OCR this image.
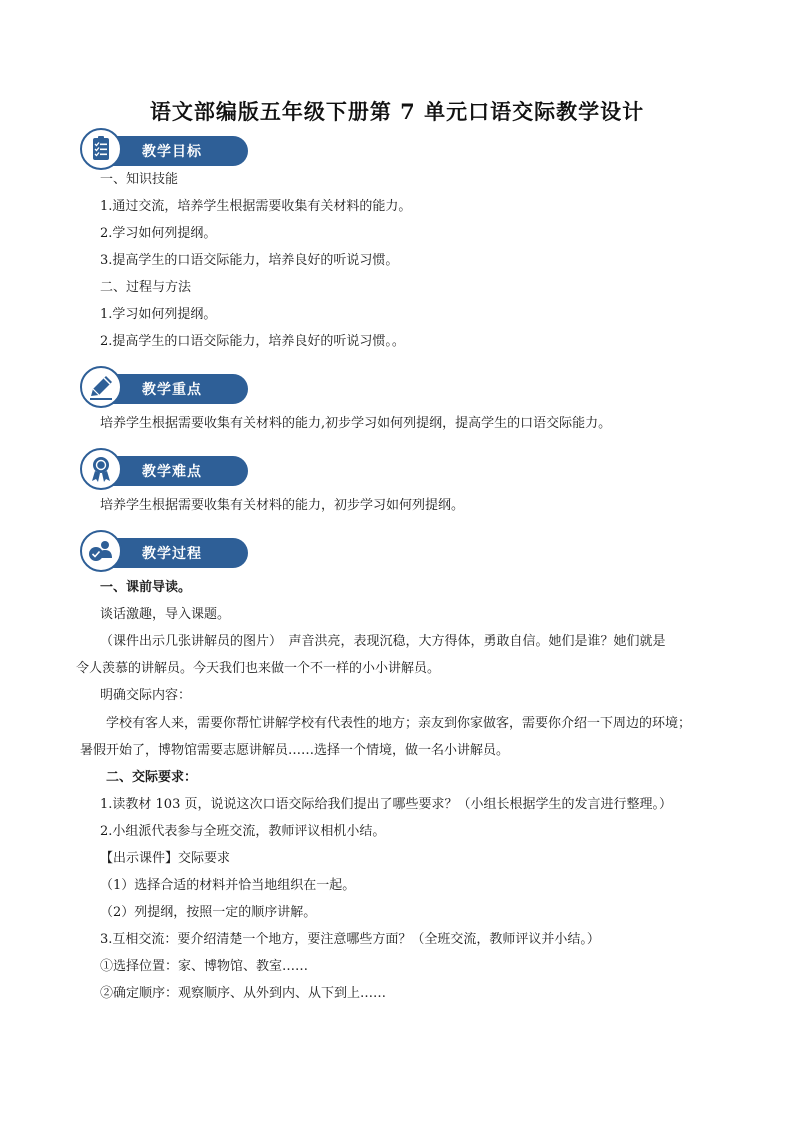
语文部编版五年级下册第 7 单元口语交际教学设计
教学目标
一、知识技能
1.通过交流，培养学生根据需要收集有关材料的能力。
2.学习如何列提纲。
3.提高学生的口语交际能力，培养良好的听说习惯。
二、过程与方法
1.学习如何列提纲。
2.提高学生的口语交际能力，培养良好的听说习惯。。
教学重点
培养学生根据需要收集有关材料的能力,初步学习如何列提纲，提高学生的口语交际能力。
教学难点
培养学生根据需要收集有关材料的能力，初步学习如何列提纲。
教学过程
一、课前导读。
谈话激趣，导入课题。
（课件出示几张讲解员的图片）　声音洪亮，表现沉稳，大方得体，勇敢自信。她们是谁？她们就是
令人羡慕的讲解员。今天我们也来做一个不一样的小小讲解员。
明确交际内容：
学校有客人来，需要你帮忙讲解学校有代表性的地方；亲友到你家做客，需要你介绍一下周边的环境；
暑假开始了，博物馆需要志愿讲解员……选择一个情境，做一名小讲解员。
二、交际要求：
1.读教材 103 页，说说这次口语交际给我们提出了哪些要求？（小组长根据学生的发言进行整理。）
2.小组派代表参与全班交流，教师评议相机小结。
【出示课件】交际要求
（1）选择合适的材料并恰当地组织在一起。
（2）列提纲，按照一定的顺序讲解。
3.互相交流：要介绍清楚一个地方，要注意哪些方面？（全班交流，教师评议并小结。）
①选择位置：家、博物馆、教室……
②确定顺序：观察顺序、从外到内、从下到上……
